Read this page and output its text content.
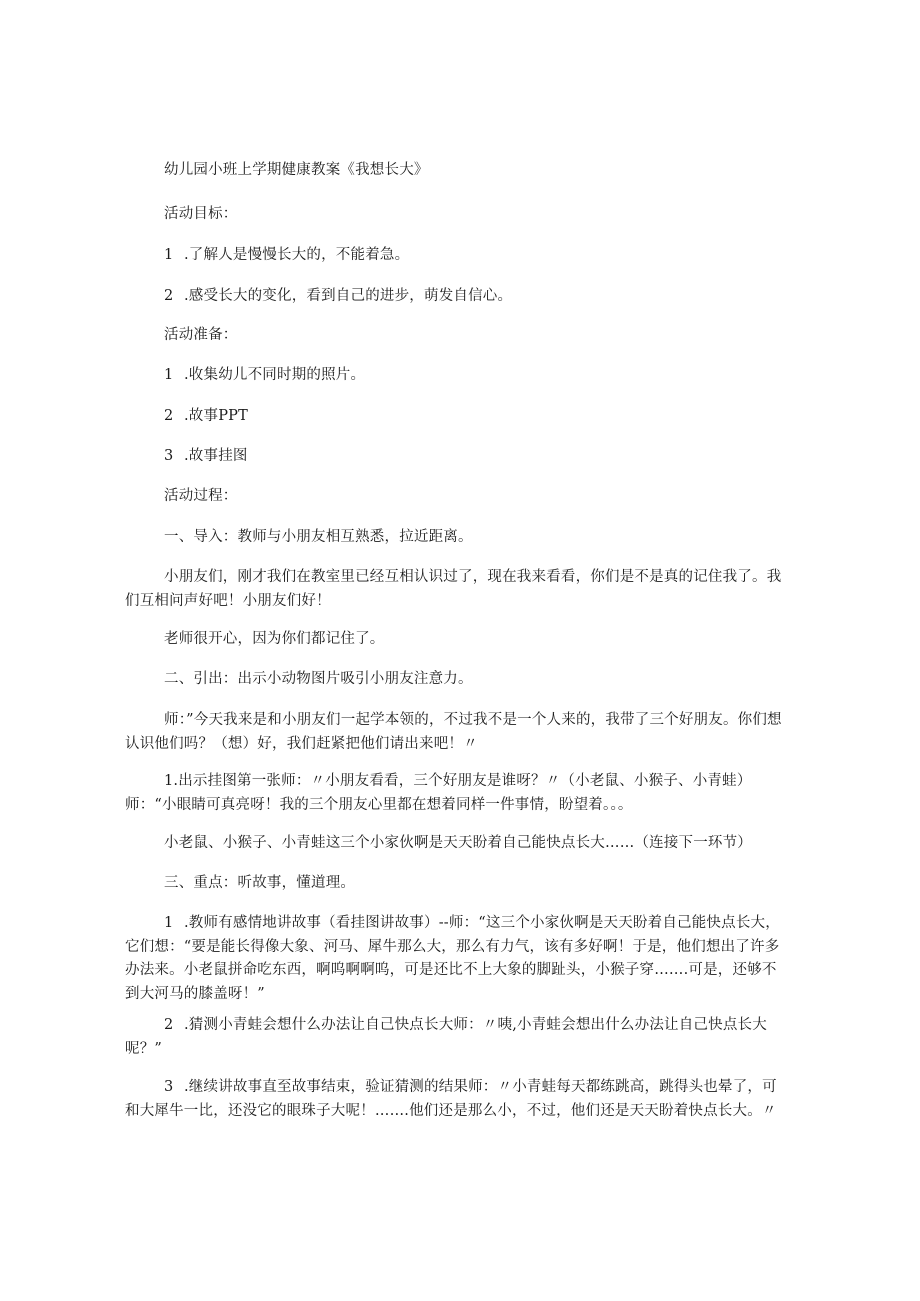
幼儿园小班上学期健康教案《我想长大》
活动目标：
1 .了解人是慢慢长大的，不能着急。
2 .感受长大的变化，看到自己的进步，萌发自信心。
活动准备：
1 .收集幼儿不同时期的照片。
2 .故事PPT
3 .故事挂图
活动过程：
一、导入：教师与小朋友相互熟悉，拉近距离。
小朋友们，刚才我们在教室里已经互相认识过了，现在我来看看，你们是不是真的记住我了。我们互相问声好吧！小朋友们好！
老师很开心，因为你们都记住了。
二、引出：出示小动物图片吸引小朋友注意力。
师：”今天我来是和小朋友们一起学本领的，不过我不是一个人来的，我带了三个好朋友。你们想认识他们吗？（想）好，我们赶紧把他们请出来吧！〃
1.出示挂图第一张师：〃小朋友看看，三个好朋友是谁呀？〃（小老鼠、小猴子、小青蛙）师：“小眼睛可真亮呀！我的三个朋友心里都在想着同样一件事情，盼望着。。。
小老鼠、小猴子、小青蛙这三个小家伙啊是天天盼着自己能快点长大……（连接下一环节）
三、重点：听故事，懂道理。
1 .教师有感情地讲故事（看挂图讲故事）--师：“这三个小家伙啊是天天盼着自己能快点长大，它们想：“要是能长得像大象、河马、犀牛那么大，那么有力气，该有多好啊！于是，他们想出了许多办法来。小老鼠拼命吃东西，啊呜啊啊呜，可是还比不上大象的脚趾头，小猴子穿…….可是，还够不到大河马的膝盖呀！”
2 .猜测小青蛙会想什么办法让自己快点长大师：〃咦,小青蛙会想出什么办法让自己快点长大呢？”
3 .继续讲故事直至故事结束，验证猜测的结果师：〃小青蛙每天都练跳高，跳得头也晕了，可和大犀牛一比，还没它的眼珠子大呢！…….他们还是那么小，不过，他们还是天天盼着快点长大。〃
